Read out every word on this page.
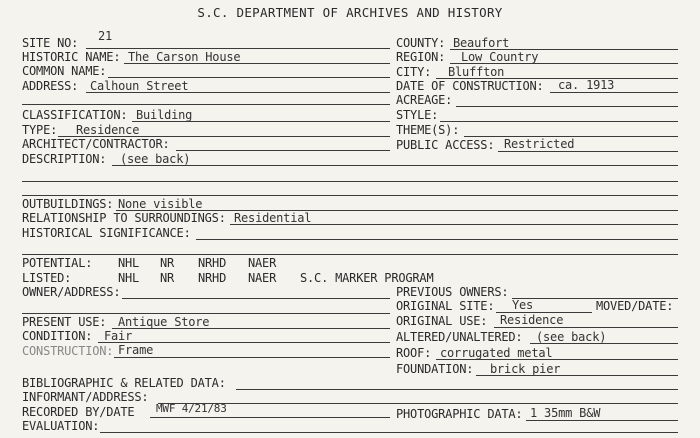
S.C. DEPARTMENT OF ARCHIVES AND HISTORY
SITE NO: 21
HISTORIC NAME: The Carson House
COMMON NAME:
ADDRESS: Calhoun Street
CLASSIFICATION: Building
TYPE: Residence
ARCHITECT/CONTRACTOR:
DESCRIPTION: (see back)
COUNTY: Beaufort
REGION: Low Country
CITY: Bluffton
DATE OF CONSTRUCTION: ca. 1913
ACREAGE:
STYLE:
THEME(S):
PUBLIC ACCESS: Restricted
OUTBUILDINGS: None visible
RELATIONSHIP TO SURROUNDINGS: Residential
HISTORICAL SIGNIFICANCE:
POTENTIAL: NHL NR NRHD NAER
LISTED:	NHL NR NRHD NAER S.C. MARKER PROGRAM
OWNER/ADDRESS:	PREVIOUS OWNERS:
ORIGINAL SITE: Yes	MOVED/DATE:
PRESENT USE: Antique Store
CONDITION: Fair
CONSTRUCTION: Frame
ORIGINAL USE: Residence
ALTERED/UNALTERED: (see back)
ROOF: corrugated metal
FOUNDATION: brick pier
BIBLIOGRAPHIC & RELATED DATA:
INFORMANT/ADDRESS:
RECORDED BY/DATE MWF 4/21/83	PHOTOGRAPHIC DATA: 1 35mm B&W
EVALUATION:
